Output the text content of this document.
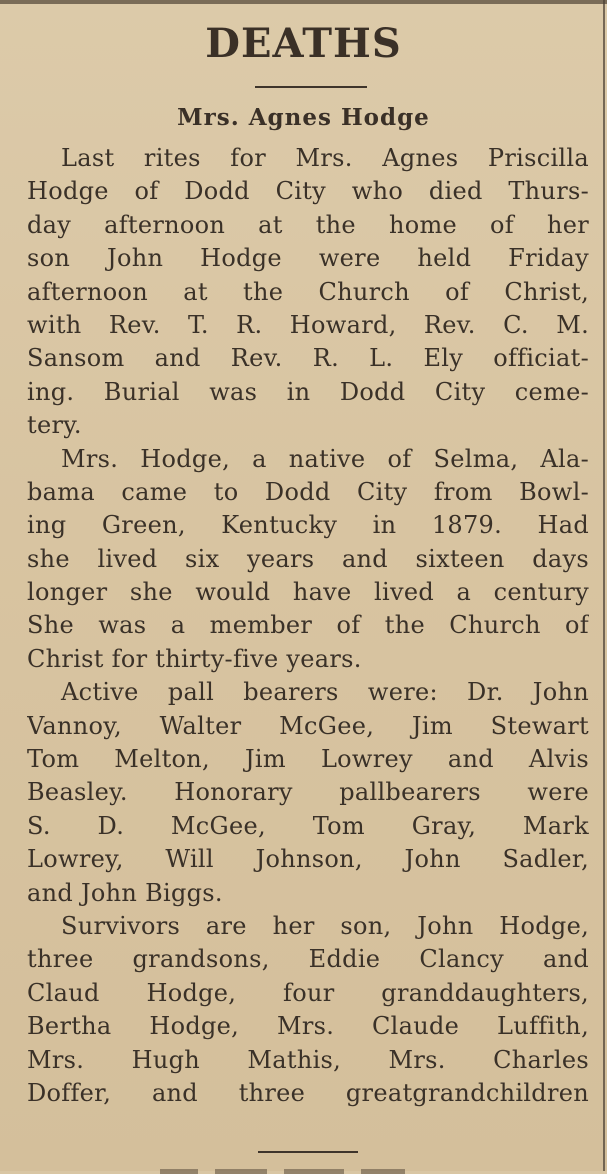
DEATHS
Mrs. Agnes Hodge
Last rites for Mrs. Agnes Priscilla
Hodge of Dodd City who died Thurs-
day afternoon at the home of her
son John Hodge were held Friday
afternoon at the Church of Christ,
with Rev. T. R. Howard, Rev. C. M.
Sansom and Rev. R. L. Ely officiat-
ing. Burial was in Dodd City ceme-
tery.
Mrs. Hodge, a native of Selma, Ala-
bama came to Dodd City from Bowl-
ing Green, Kentucky in 1879. Had
she lived six years and sixteen days
longer she would have lived a century
She was a member of the Church of
Christ for thirty-five years.
Active pall bearers were: Dr. John
Vannoy, Walter McGee, Jim Stewart
Tom Melton, Jim Lowrey and Alvis
Beasley. Honorary pallbearers were
S. D. McGee, Tom Gray, Mark
Lowrey, Will Johnson, John Sadler,
and John Biggs.
Survivors are her son, John Hodge,
three grandsons, Eddie Clancy and
Claud Hodge, four granddaughters,
Bertha Hodge, Mrs. Claude Luffith,
Mrs. Hugh Mathis, Mrs. Charles
Doffer, and three greatgrandchildren
